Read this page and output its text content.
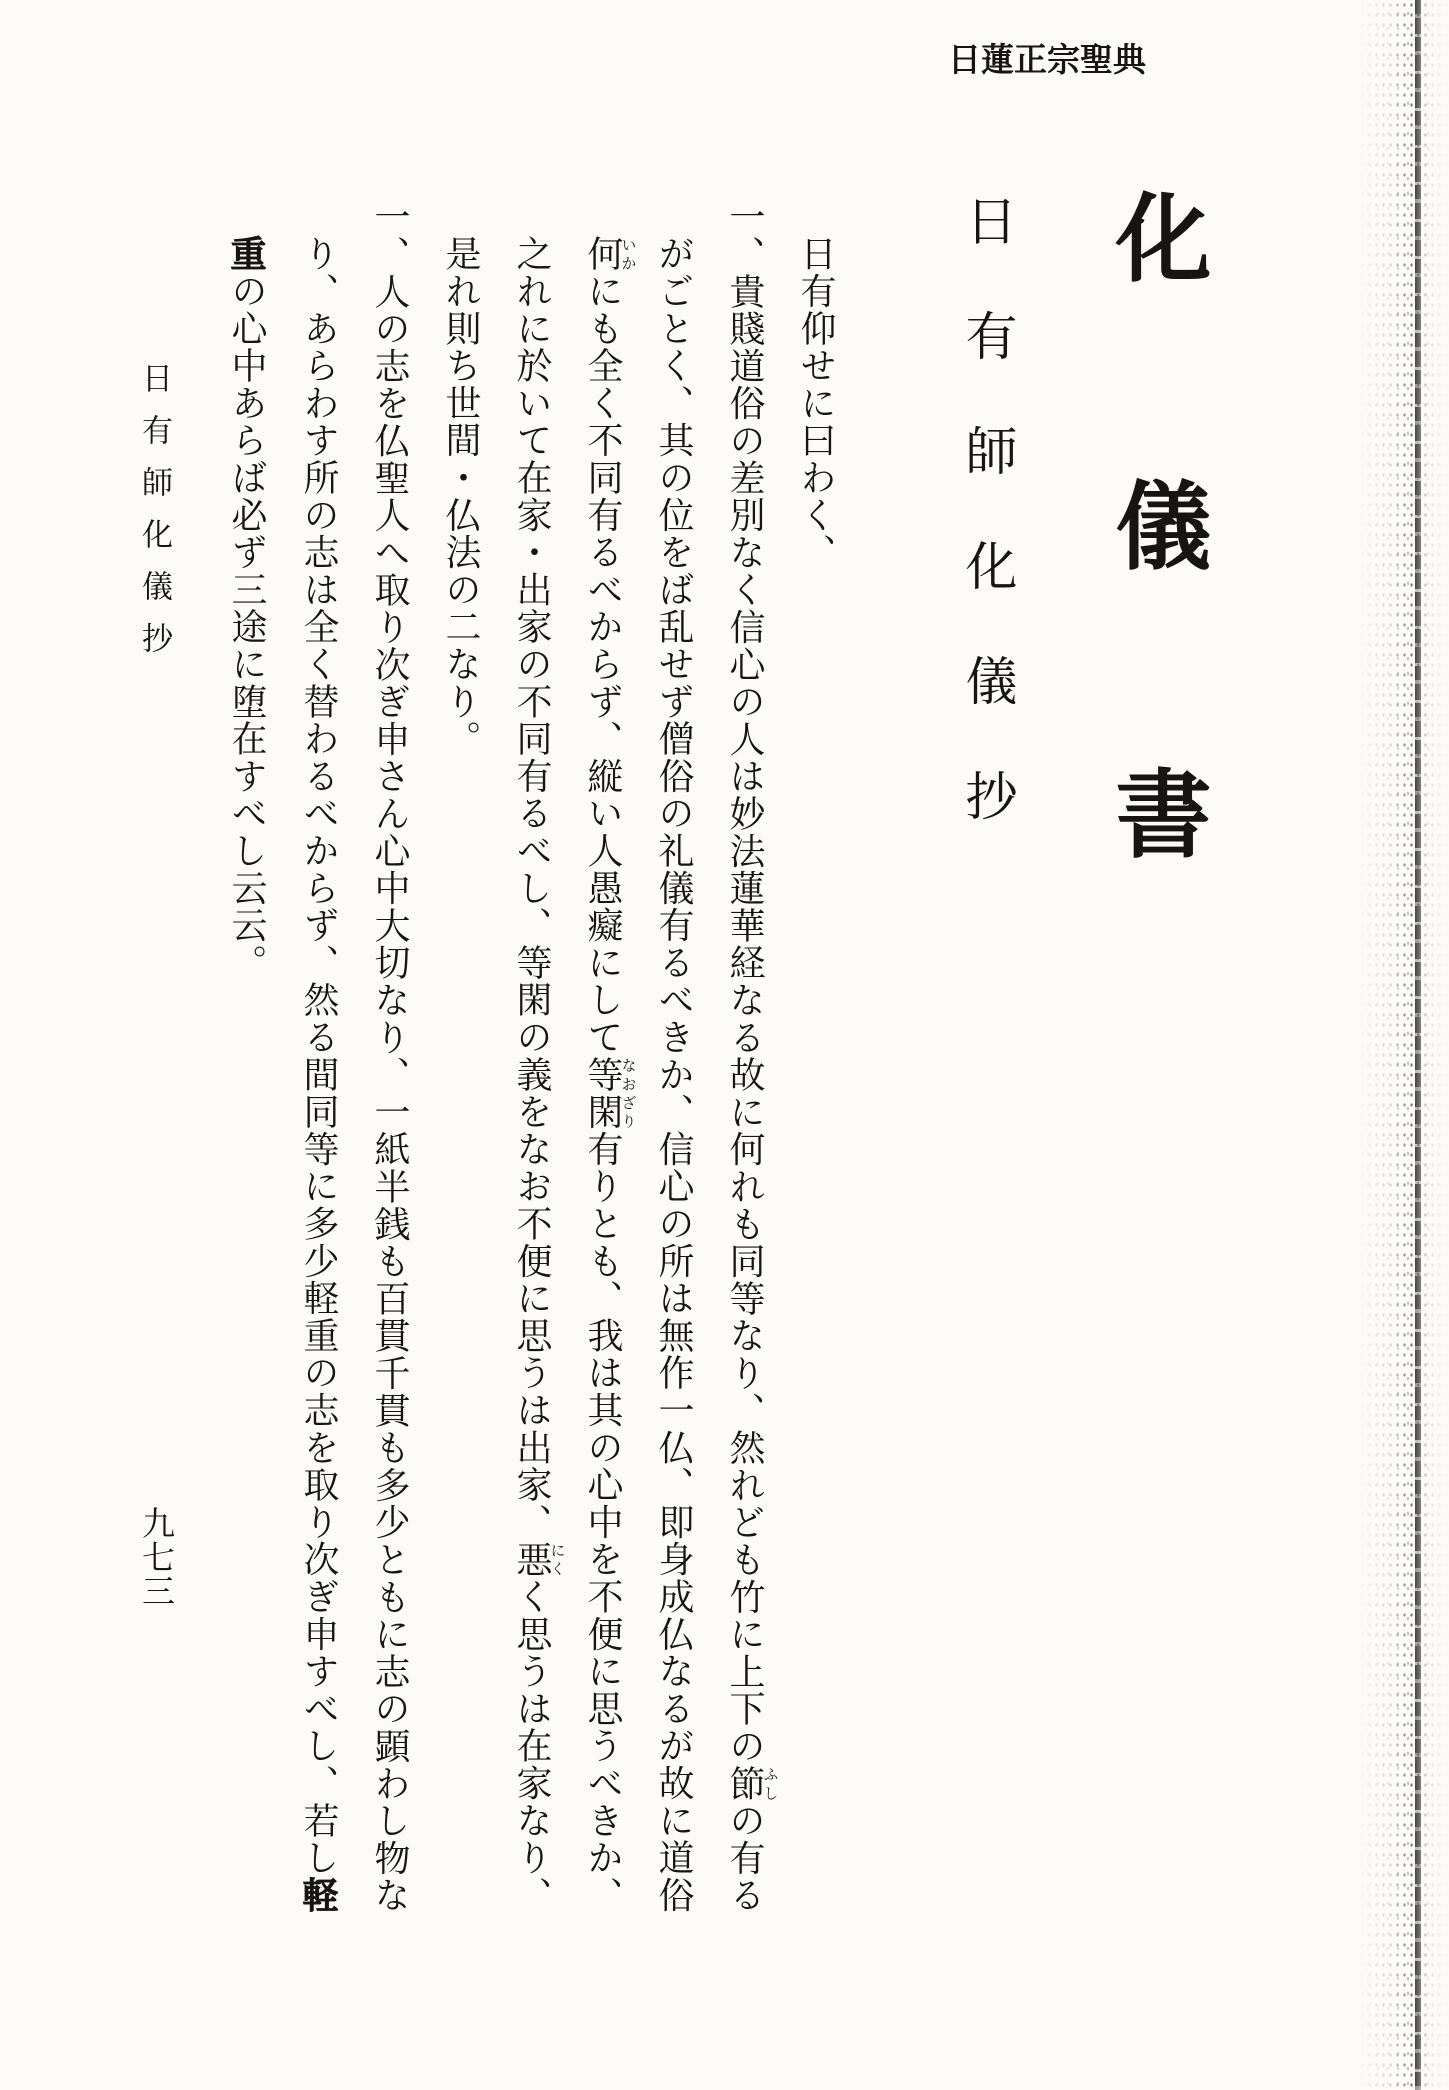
日蓮正宗聖典
化儀書
日有師化儀抄
日有仰せに曰わく、
一、貴賤道俗の差別なく信心の人は妙法蓮華経なる故に何れも同等なり、然れども竹に上下の節ふしの有る
がごとく、其の位をば乱せず僧俗の礼儀有るべきか、信心の所は無作一仏、即身成仏なるが故に道俗
何いかにも全く不同有るべからず、縦い人愚癡にして等閑なおざり有りとも、我は其の心中を不便に思うべきか、
之れに於いて在家・出家の不同有るべし、等閑の義をなお不便に思うは出家、悪にくく思うは在家なり、
是れ則ち世間・仏法の二なり。
一、人の志を仏聖人へ取り次ぎ申さん心中大切なり、一紙半銭も百貫千貫も多少ともに志の顕わし物な
り、あらわす所の志は全く替わるべからず、然る間同等に多少軽重の志を取り次ぎ申すべし、若し軽
重の心中あらば必ず三途に堕在すべし云云。
日有師化儀抄
九七三
